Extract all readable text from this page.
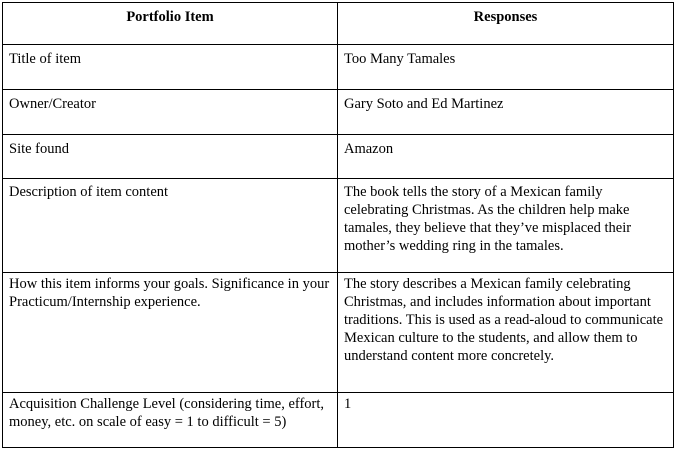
Portfolio Item	Responses
Title of item	Too Many Tamales
Owner/Creator	Gary Soto and Ed Martinez
Site found	Amazon
Description of item content	The book tells the story of a Mexican family celebrating Christmas. As the children help make tamales, they believe that they’ve misplaced their mother’s wedding ring in the tamales.
How this item informs your goals. Significance in your Practicum/Internship experience.	The story describes a Mexican family celebrating Christmas, and includes information about important traditions. This is used as a read-aloud to communicate Mexican culture to the students, and allow them to understand content more concretely.
Acquisition Challenge Level (considering time, effort, money, etc. on scale of easy = 1 to difficult = 5)	1
